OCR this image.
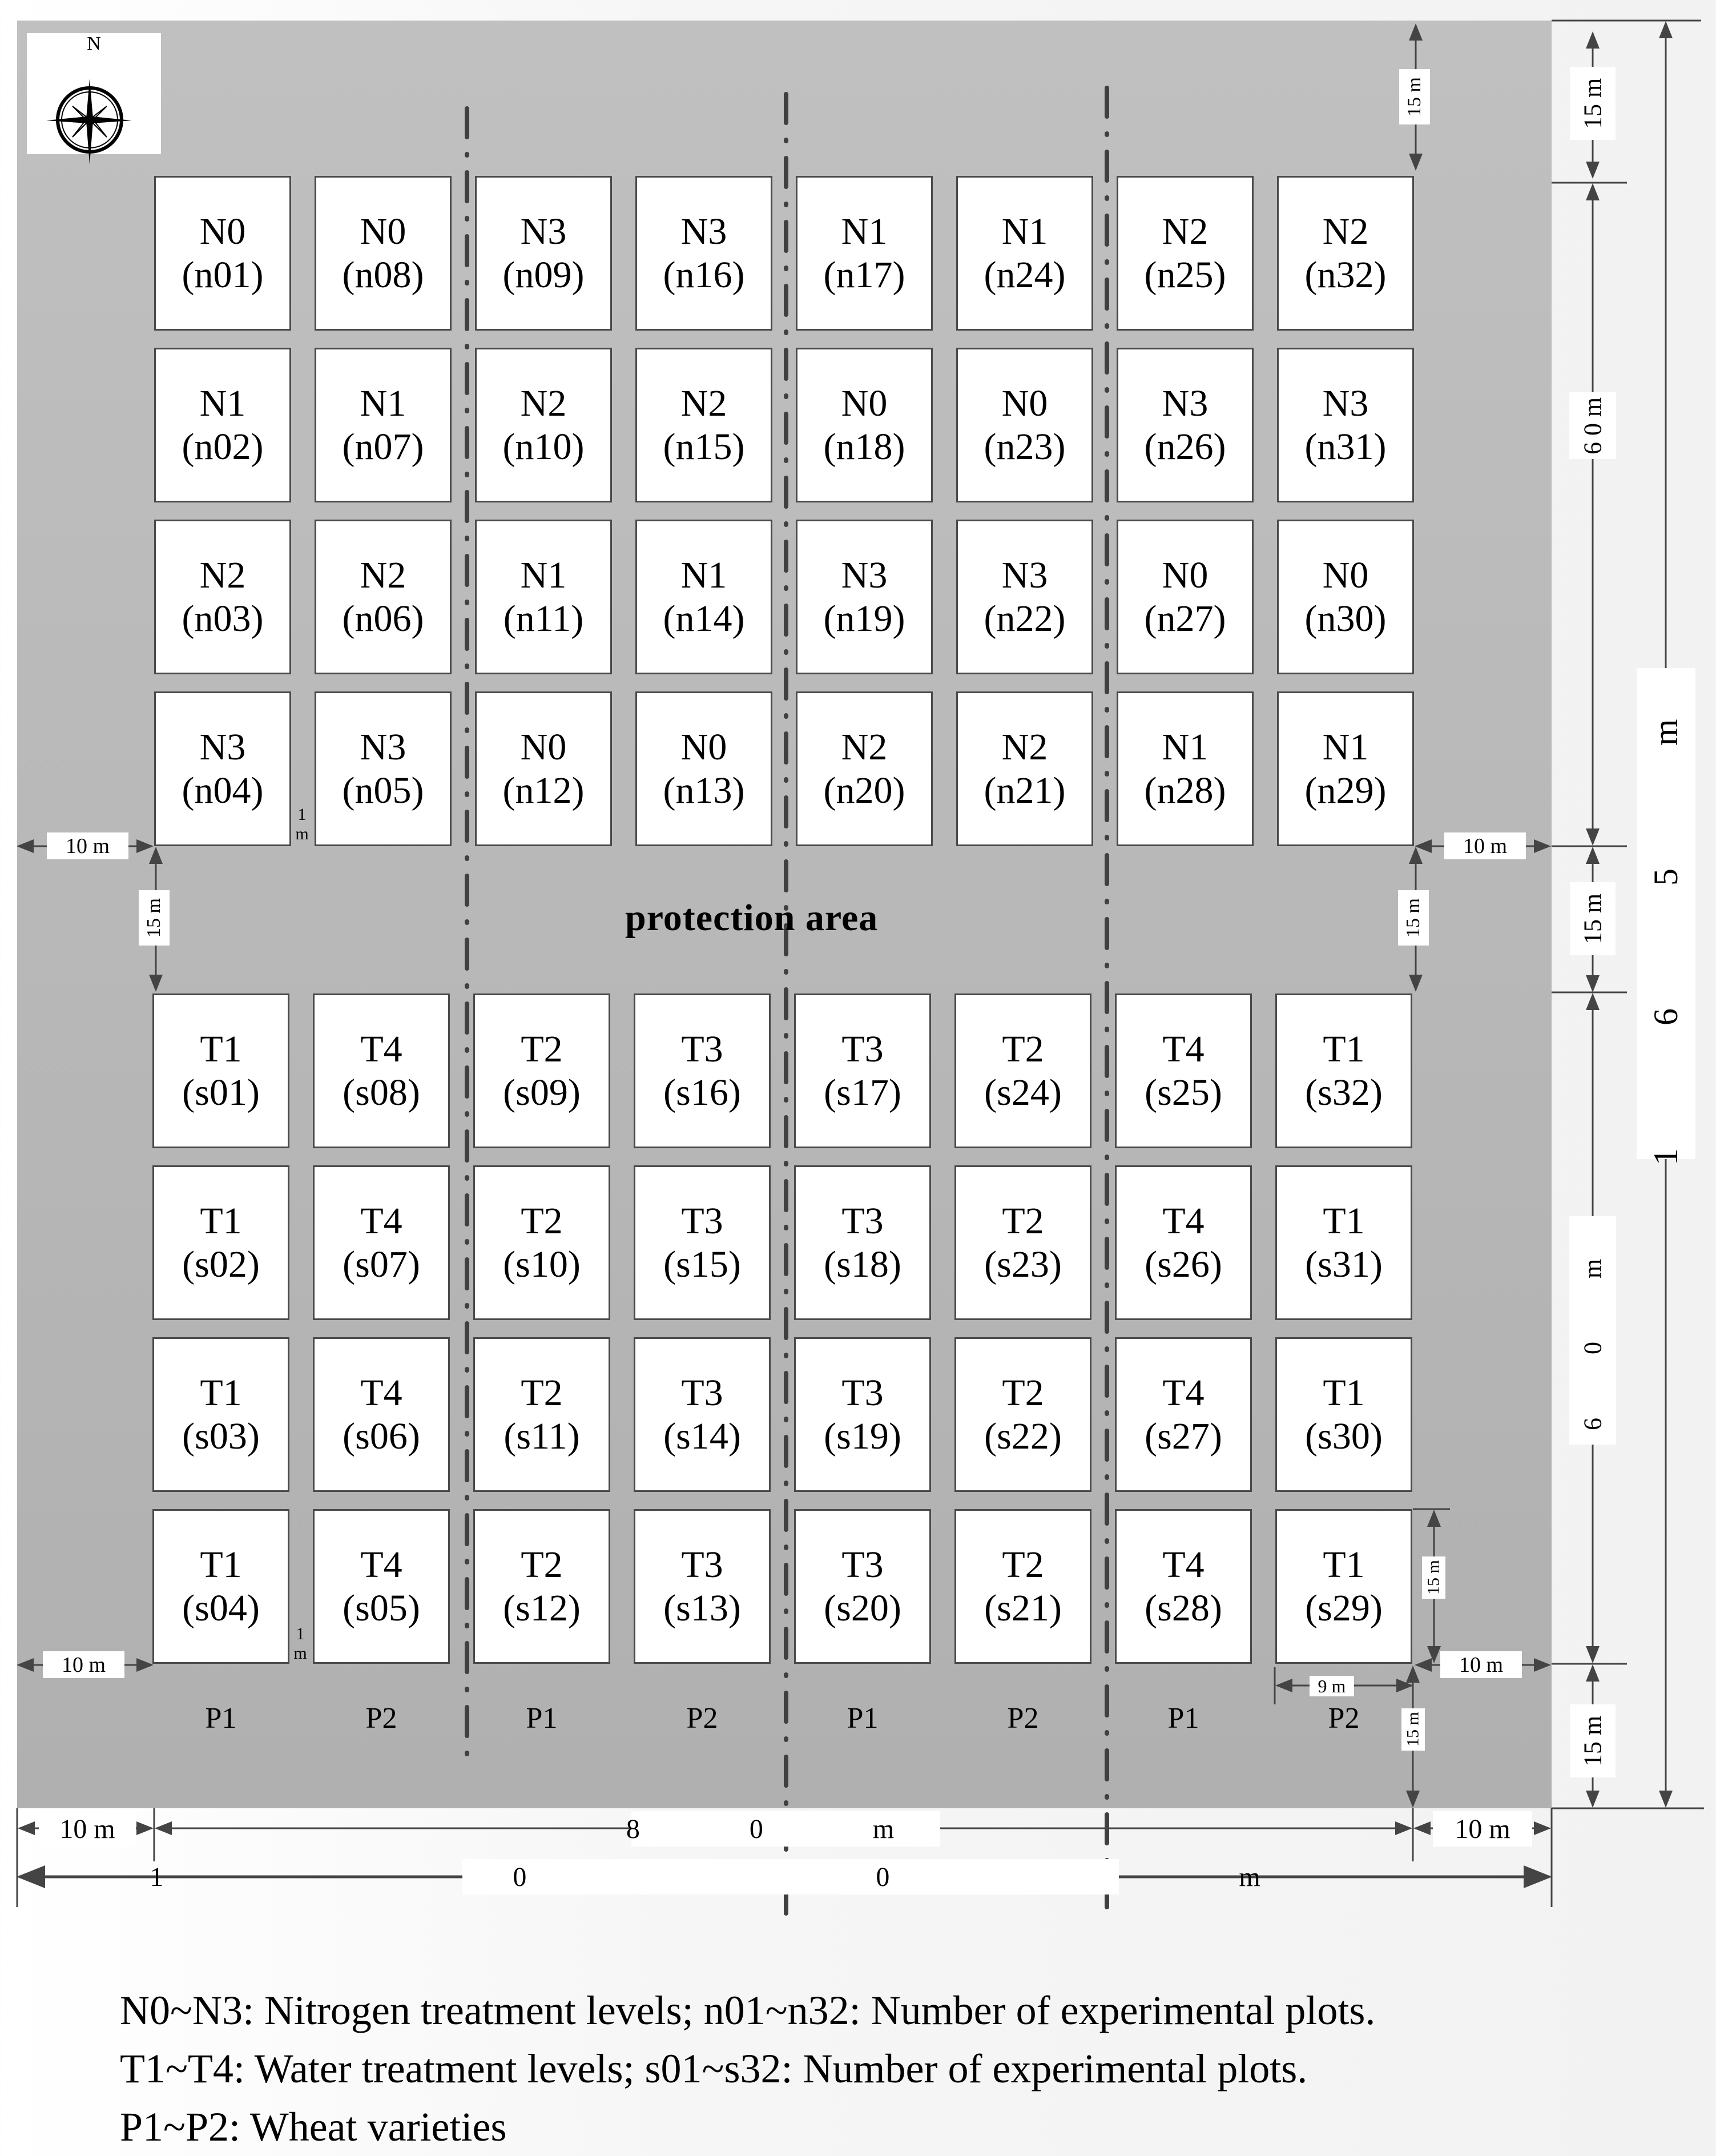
N
N0
(n01)
N0
(n08)
N3
(n09)
N3
(n16)
N1
(n17)
N1
(n24)
N2
(n25)
N2
(n32)
N1
(n02)
N1
(n07)
N2
(n10)
N2
(n15)
N0
(n18)
N0
(n23)
N3
(n26)
N3
(n31)
N2
(n03)
N2
(n06)
N1
(n11)
N1
(n14)
N3
(n19)
N3
(n22)
N0
(n27)
N0
(n30)
N3
(n04)
N3
(n05)
N0
(n12)
N0
(n13)
N2
(n20)
N2
(n21)
N1
(n28)
N1
(n29)
T1
(s01)
T4
(s08)
T2
(s09)
T3
(s16)
T3
(s17)
T2
(s24)
T4
(s25)
T1
(s32)
T1
(s02)
T4
(s07)
T2
(s10)
T3
(s15)
T3
(s18)
T2
(s23)
T4
(s26)
T1
(s31)
T1
(s03)
T4
(s06)
T2
(s11)
T3
(s14)
T3
(s19)
T2
(s22)
T4
(s27)
T1
(s30)
T1
(s04)
T4
(s05)
T2
(s12)
T3
(s13)
T3
(s20)
T2
(s21)
T4
(s28)
T1
(s29)
protection area
P1	P2	P1	P2	P1	P2	P1	P2
1 m
1 m
15 m	15 m
6 0 m
1 6 5 m
15 m
6 0 m
15 m
15 m	15 m
10 m	10 m
10 m	10 m
15 m
9 m
15 m
10 m	8 0 m	10 m
1 0 0 m
N0~N3: Nitrogen treatment levels; n01~n32: Number of experimental plots.
T1~T4: Water treatment levels; s01~s32: Number of experimental plots.
P1~P2: Wheat varieties
